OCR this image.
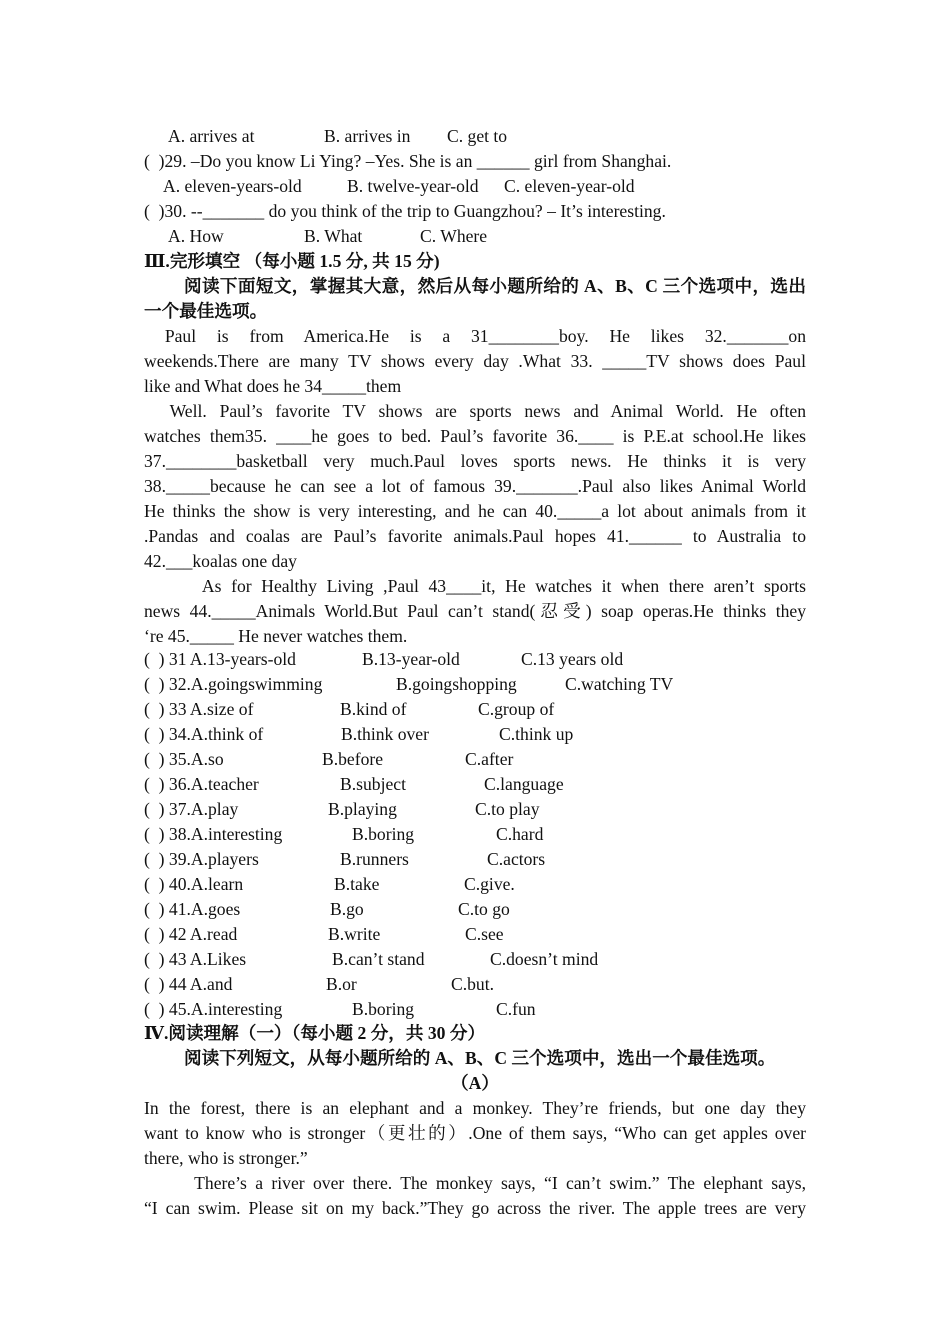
A. arrives at	B. arrives in C. get to
(  )29. –Do you know Li Ying? –Yes. She is an ______ girl from Shanghai.
A. eleven-years-old	B. twelve-year-old C. eleven-year-old
(  )30. --_______ do you think of the trip to Guangzhou? – It’s interesting.
A. How	B. What	C. Where
Ⅲ.完形填空 （每小题 1.5 分, 共 15 分)
阅读下面短文，掌握其大意，然后从每小题所给的 A、B、C 三个选项中，选出
一个最佳选项。
Paul is from America.He is a 31________boy. He likes 32._______on
weekends.There are many TV shows every day .What 33. _____TV shows does Paul
like and What does he 34_____them
Well. Paul’s favorite TV shows are sports news and Animal World. He often
watches them35. ____he goes to bed. Paul’s favorite 36.____ is P.E.at school.He likes
37.________basketball very much.Paul loves sports news. He thinks it is very
38._____because he can see a lot of famous 39._______.Paul also likes Animal World
He thinks the show is very interesting, and he can 40._____a lot about animals from it
.Pandas and coalas are Paul’s favorite animals.Paul hopes 41.______ to Australia to
42.___koalas one day
As for Healthy Living ,Paul 43____it, He watches it when there aren’t sports
news 44._____Animals World.But Paul can’t stand(忍受) soap operas.He thinks they
‘re 45._____ He never watches them.
(  ) 31 A.13-years-old	B.13-year-old	C.13 years old
(  ) 32.A.goingswimming	B.goingshopping	C.watching TV
(  ) 33 A.size of	B.kind of	C.group of
(  ) 34.A.think of	B.think over	C.think up
(  ) 35.A.so	B.before	C.after
(  ) 36.A.teacher	B.subject	C.language
(  ) 37.A.play	B.playing	C.to play
(  ) 38.A.interesting	B.boring	C.hard
(  ) 39.A.players	B.runners	C.actors
(  ) 40.A.learn	B.take	C.give.
(  ) 41.A.goes	B.go	C.to go
(  ) 42 A.read	B.write	C.see
(  ) 43 A.Likes	B.can’t stand	C.doesn’t mind
(  ) 44 A.and	B.or	C.but.
(  ) 45.A.interesting	B.boring	C.fun
Ⅳ.阅读理解（一）（每小题 2 分，共 30 分）
阅读下列短文，从每小题所给的 A、B、C 三个选项中，选出一个最佳选项。
（A）
In the forest, there is an elephant and a monkey. They’re friends, but one day they
want to know who is stronger（更壮的）.One of them says, “Who can get apples over
there, who is stronger.”
There’s a river over there. The monkey says, “I can’t swim.” The elephant says,
“I can swim. Please sit on my back.”They go across the river. The apple trees are very
